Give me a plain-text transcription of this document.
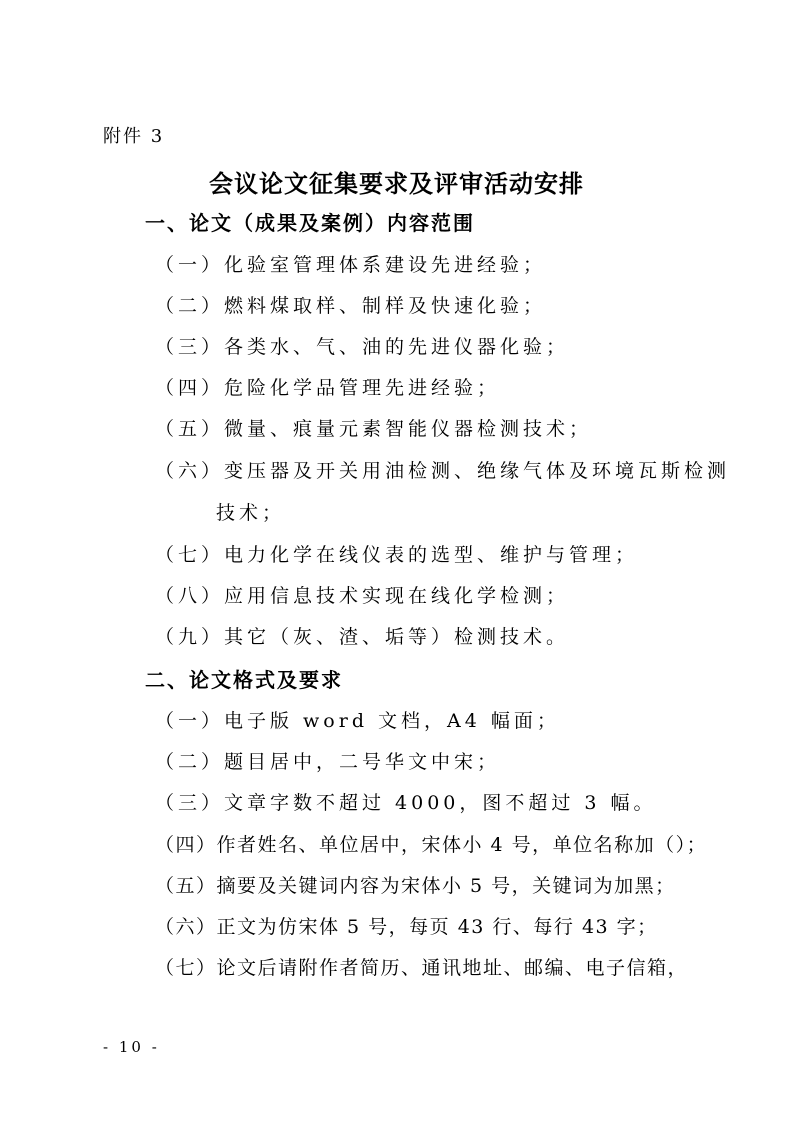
附件 3
会议论文征集要求及评审活动安排
一、论文（成果及案例）内容范围
（一）化验室管理体系建设先进经验；
（二）燃料煤取样、制样及快速化验；
（三）各类水、气、油的先进仪器化验；
（四）危险化学品管理先进经验；
（五）微量、痕量元素智能仪器检测技术；
（六）变压器及开关用油检测、绝缘气体及环境瓦斯检测
技术；
（七）电力化学在线仪表的选型、维护与管理；
（八）应用信息技术实现在线化学检测；
（九）其它（灰、渣、垢等）检测技术。
二、论文格式及要求
（一）电子版 word 文档，A4 幅面；
（二）题目居中，二号华文中宋；
（三）文章字数不超过 4000，图不超过 3 幅。
（四）作者姓名、单位居中，宋体小 4 号，单位名称加（）；
（五）摘要及关键词内容为宋体小 5 号，关键词为加黑；
（六）正文为仿宋体 5 号，每页 43 行、每行 43 字；
（七）论文后请附作者简历、通讯地址、邮编、电子信箱，
- 10 -
